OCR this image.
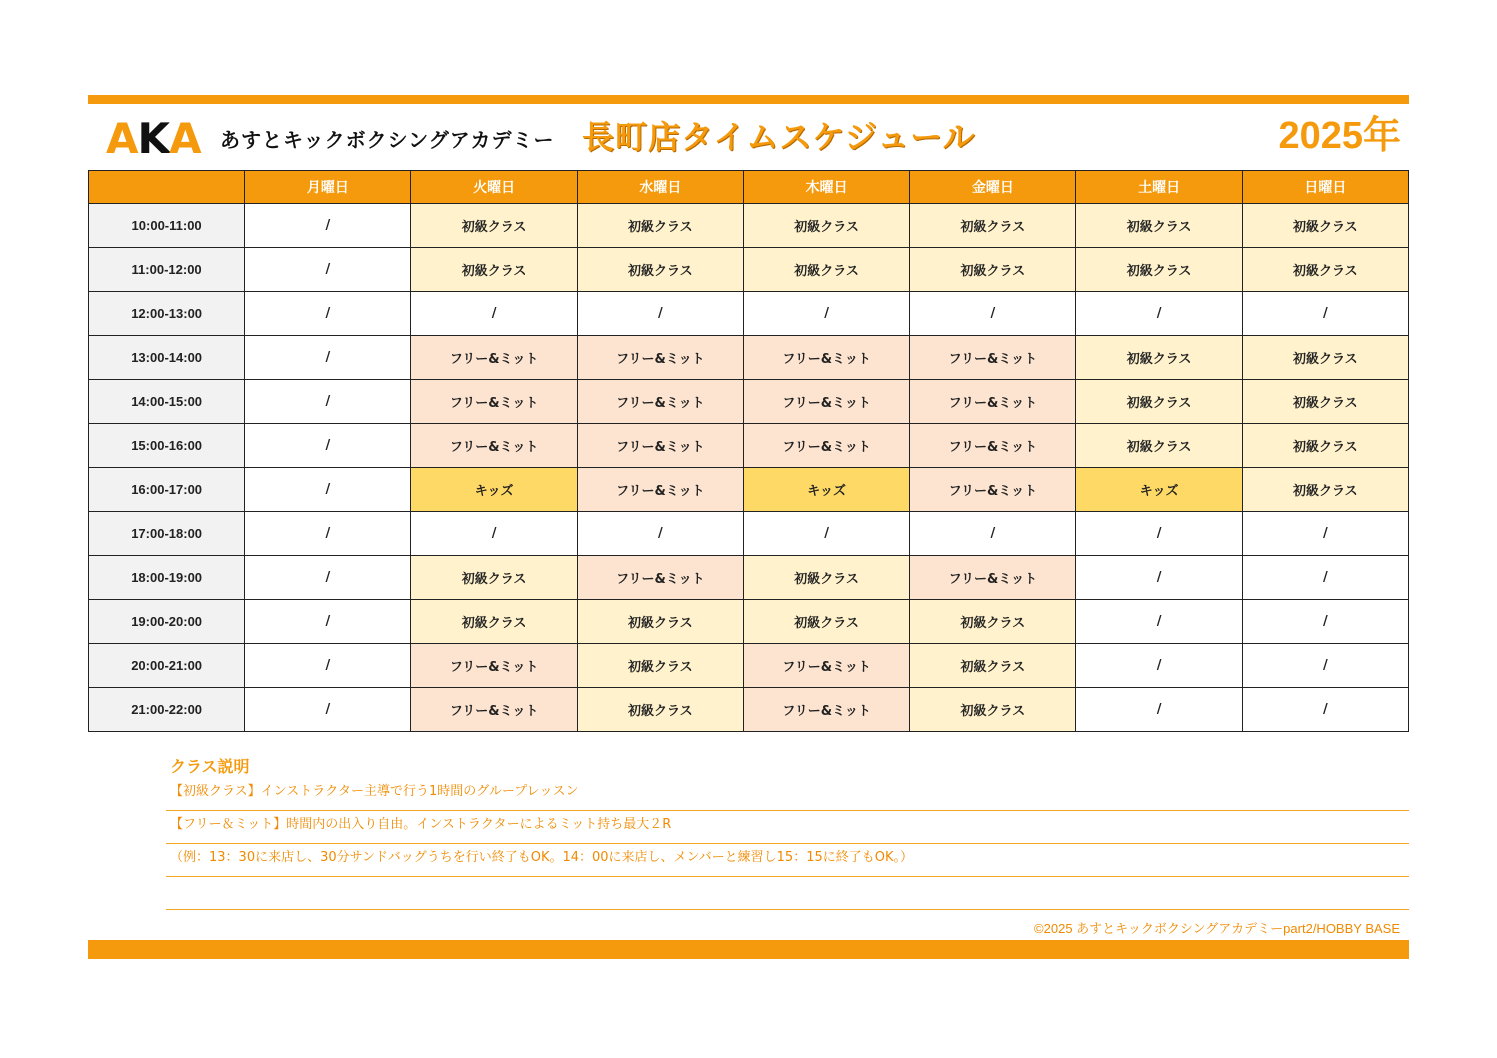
AKA あすとキックボクシングアカデミー 長町店タイムスケジュール	2025年
	月曜日	火曜日	水曜日	木曜日	金曜日	土曜日	日曜日
10:00-11:00	/	初級クラス	初級クラス	初級クラス	初級クラス	初級クラス	初級クラス
11:00-12:00	/	初級クラス	初級クラス	初級クラス	初級クラス	初級クラス	初級クラス
12:00-13:00	/	/	/	/	/	/	/
13:00-14:00	/	フリー&ミット	フリー&ミット	フリー&ミット	フリー&ミット	初級クラス	初級クラス
14:00-15:00	/	フリー&ミット	フリー&ミット	フリー&ミット	フリー&ミット	初級クラス	初級クラス
15:00-16:00	/	フリー&ミット	フリー&ミット	フリー&ミット	フリー&ミット	初級クラス	初級クラス
16:00-17:00	/	キッズ	フリー&ミット	キッズ	フリー&ミット	キッズ	初級クラス
17:00-18:00	/	/	/	/	/	/	/
18:00-19:00	/	初級クラス	フリー&ミット	初級クラス	フリー&ミット	/	/
19:00-20:00	/	初級クラス	初級クラス	初級クラス	初級クラス	/	/
20:00-21:00	/	フリー&ミット	初級クラス	フリー&ミット	初級クラス	/	/
21:00-22:00	/	フリー&ミット	初級クラス	フリー&ミット	初級クラス	/	/
クラス説明
【初級クラス】インストラクター主導で行う1時間のグループレッスン
【フリー＆ミット】時間内の出入り自由。インストラクターによるミット持ち最大２R
（例：13：30に来店し、30分サンドバッグうちを行い終了もOK。14：00に来店し、メンバーと練習し15：15に終了もOK。）
©2025 あすとキックボクシングアカデミーpart2/HOBBY BASE
